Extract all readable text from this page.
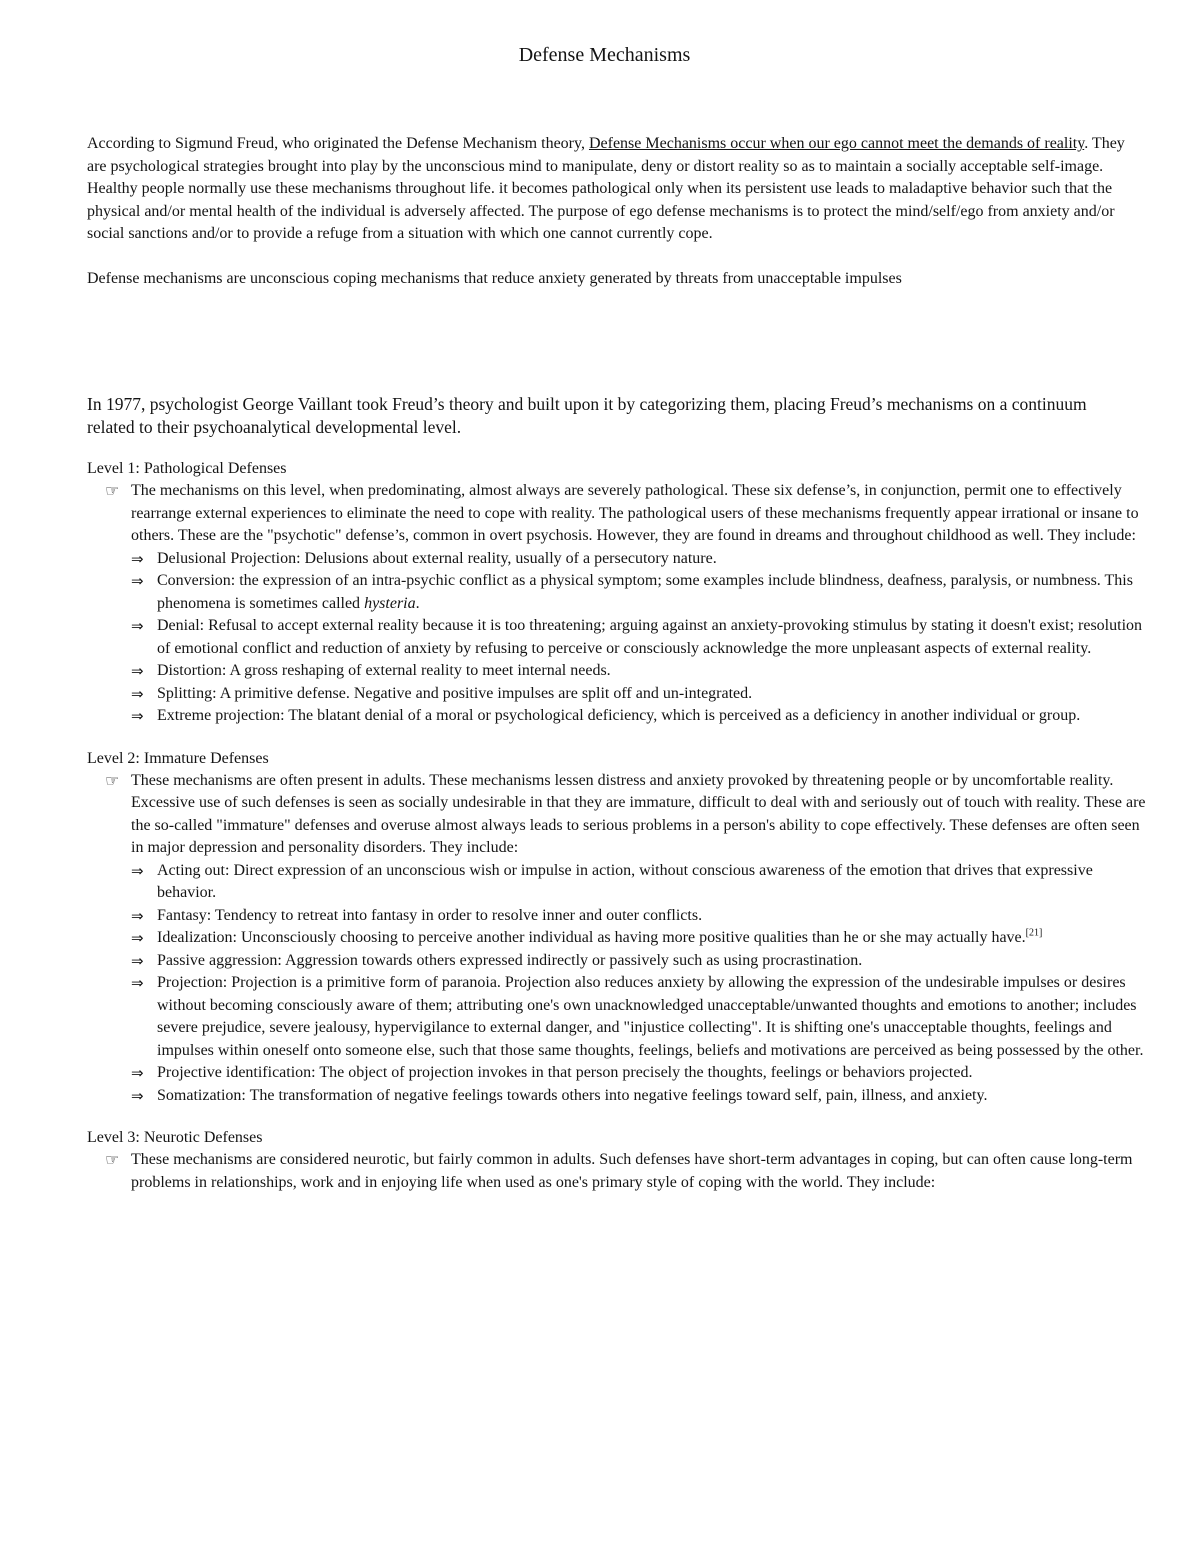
Defense Mechanisms

According to Sigmund Freud, who originated the Defense Mechanism theory, Defense Mechanisms occur when our ego cannot meet the demands of reality. They are psychological strategies brought into play by the unconscious mind to manipulate, deny or distort reality so as to maintain a socially acceptable self-image. Healthy people normally use these mechanisms throughout life. it becomes pathological only when its persistent use leads to maladaptive behavior such that the physical and/or mental health of the individual is adversely affected. The purpose of ego defense mechanisms is to protect the mind/self/ego from anxiety and/or social sanctions and/or to provide a refuge from a situation with which one cannot currently cope.

Defense mechanisms are unconscious coping mechanisms that reduce anxiety generated by threats from unacceptable impulses

In 1977, psychologist George Vaillant took Freud’s theory and built upon it by categorizing them, placing Freud’s mechanisms on a continuum related to their psychoanalytical developmental level.

Level 1: Pathological Defenses
☞ The mechanisms on this level, when predominating, almost always are severely pathological. These six defense’s, in conjunction, permit one to effectively rearrange external experiences to eliminate the need to cope with reality. The pathological users of these mechanisms frequently appear irrational or insane to others. These are the "psychotic" defense’s, common in overt psychosis. However, they are found in dreams and throughout childhood as well. They include:
⇒ Delusional Projection: Delusions about external reality, usually of a persecutory nature.
⇒ Conversion: the expression of an intra-psychic conflict as a physical symptom; some examples include blindness, deafness, paralysis, or numbness. This phenomena is sometimes called hysteria.
⇒ Denial: Refusal to accept external reality because it is too threatening; arguing against an anxiety-provoking stimulus by stating it doesn't exist; resolution of emotional conflict and reduction of anxiety by refusing to perceive or consciously acknowledge the more unpleasant aspects of external reality.
⇒ Distortion: A gross reshaping of external reality to meet internal needs.
⇒ Splitting: A primitive defense. Negative and positive impulses are split off and un-integrated.
⇒ Extreme projection: The blatant denial of a moral or psychological deficiency, which is perceived as a deficiency in another individual or group.
Level 2: Immature Defenses
☞ These mechanisms are often present in adults. These mechanisms lessen distress and anxiety provoked by threatening people or by uncomfortable reality. Excessive use of such defenses is seen as socially undesirable in that they are immature, difficult to deal with and seriously out of touch with reality. These are the so-called "immature" defenses and overuse almost always leads to serious problems in a person's ability to cope effectively. These defenses are often seen in major depression and personality disorders. They include:
⇒ Acting out: Direct expression of an unconscious wish or impulse in action, without conscious awareness of the emotion that drives that expressive behavior.
⇒ Fantasy: Tendency to retreat into fantasy in order to resolve inner and outer conflicts.
⇒ Idealization: Unconsciously choosing to perceive another individual as having more positive qualities than he or she may actually have.[21]
⇒ Passive aggression: Aggression towards others expressed indirectly or passively such as using procrastination.
⇒ Projection: Projection is a primitive form of paranoia. Projection also reduces anxiety by allowing the expression of the undesirable impulses or desires without becoming consciously aware of them; attributing one's own unacknowledged unacceptable/unwanted thoughts and emotions to another; includes severe prejudice, severe jealousy, hypervigilance to external danger, and "injustice collecting". It is shifting one's unacceptable thoughts, feelings and impulses within oneself onto someone else, such that those same thoughts, feelings, beliefs and motivations are perceived as being possessed by the other.
⇒ Projective identification: The object of projection invokes in that person precisely the thoughts, feelings or behaviors projected.
⇒ Somatization: The transformation of negative feelings towards others into negative feelings toward self, pain, illness, and anxiety.
Level 3: Neurotic Defenses
☞ These mechanisms are considered neurotic, but fairly common in adults. Such defenses have short-term advantages in coping, but can often cause long-term problems in relationships, work and in enjoying life when used as one's primary style of coping with the world. They include:
